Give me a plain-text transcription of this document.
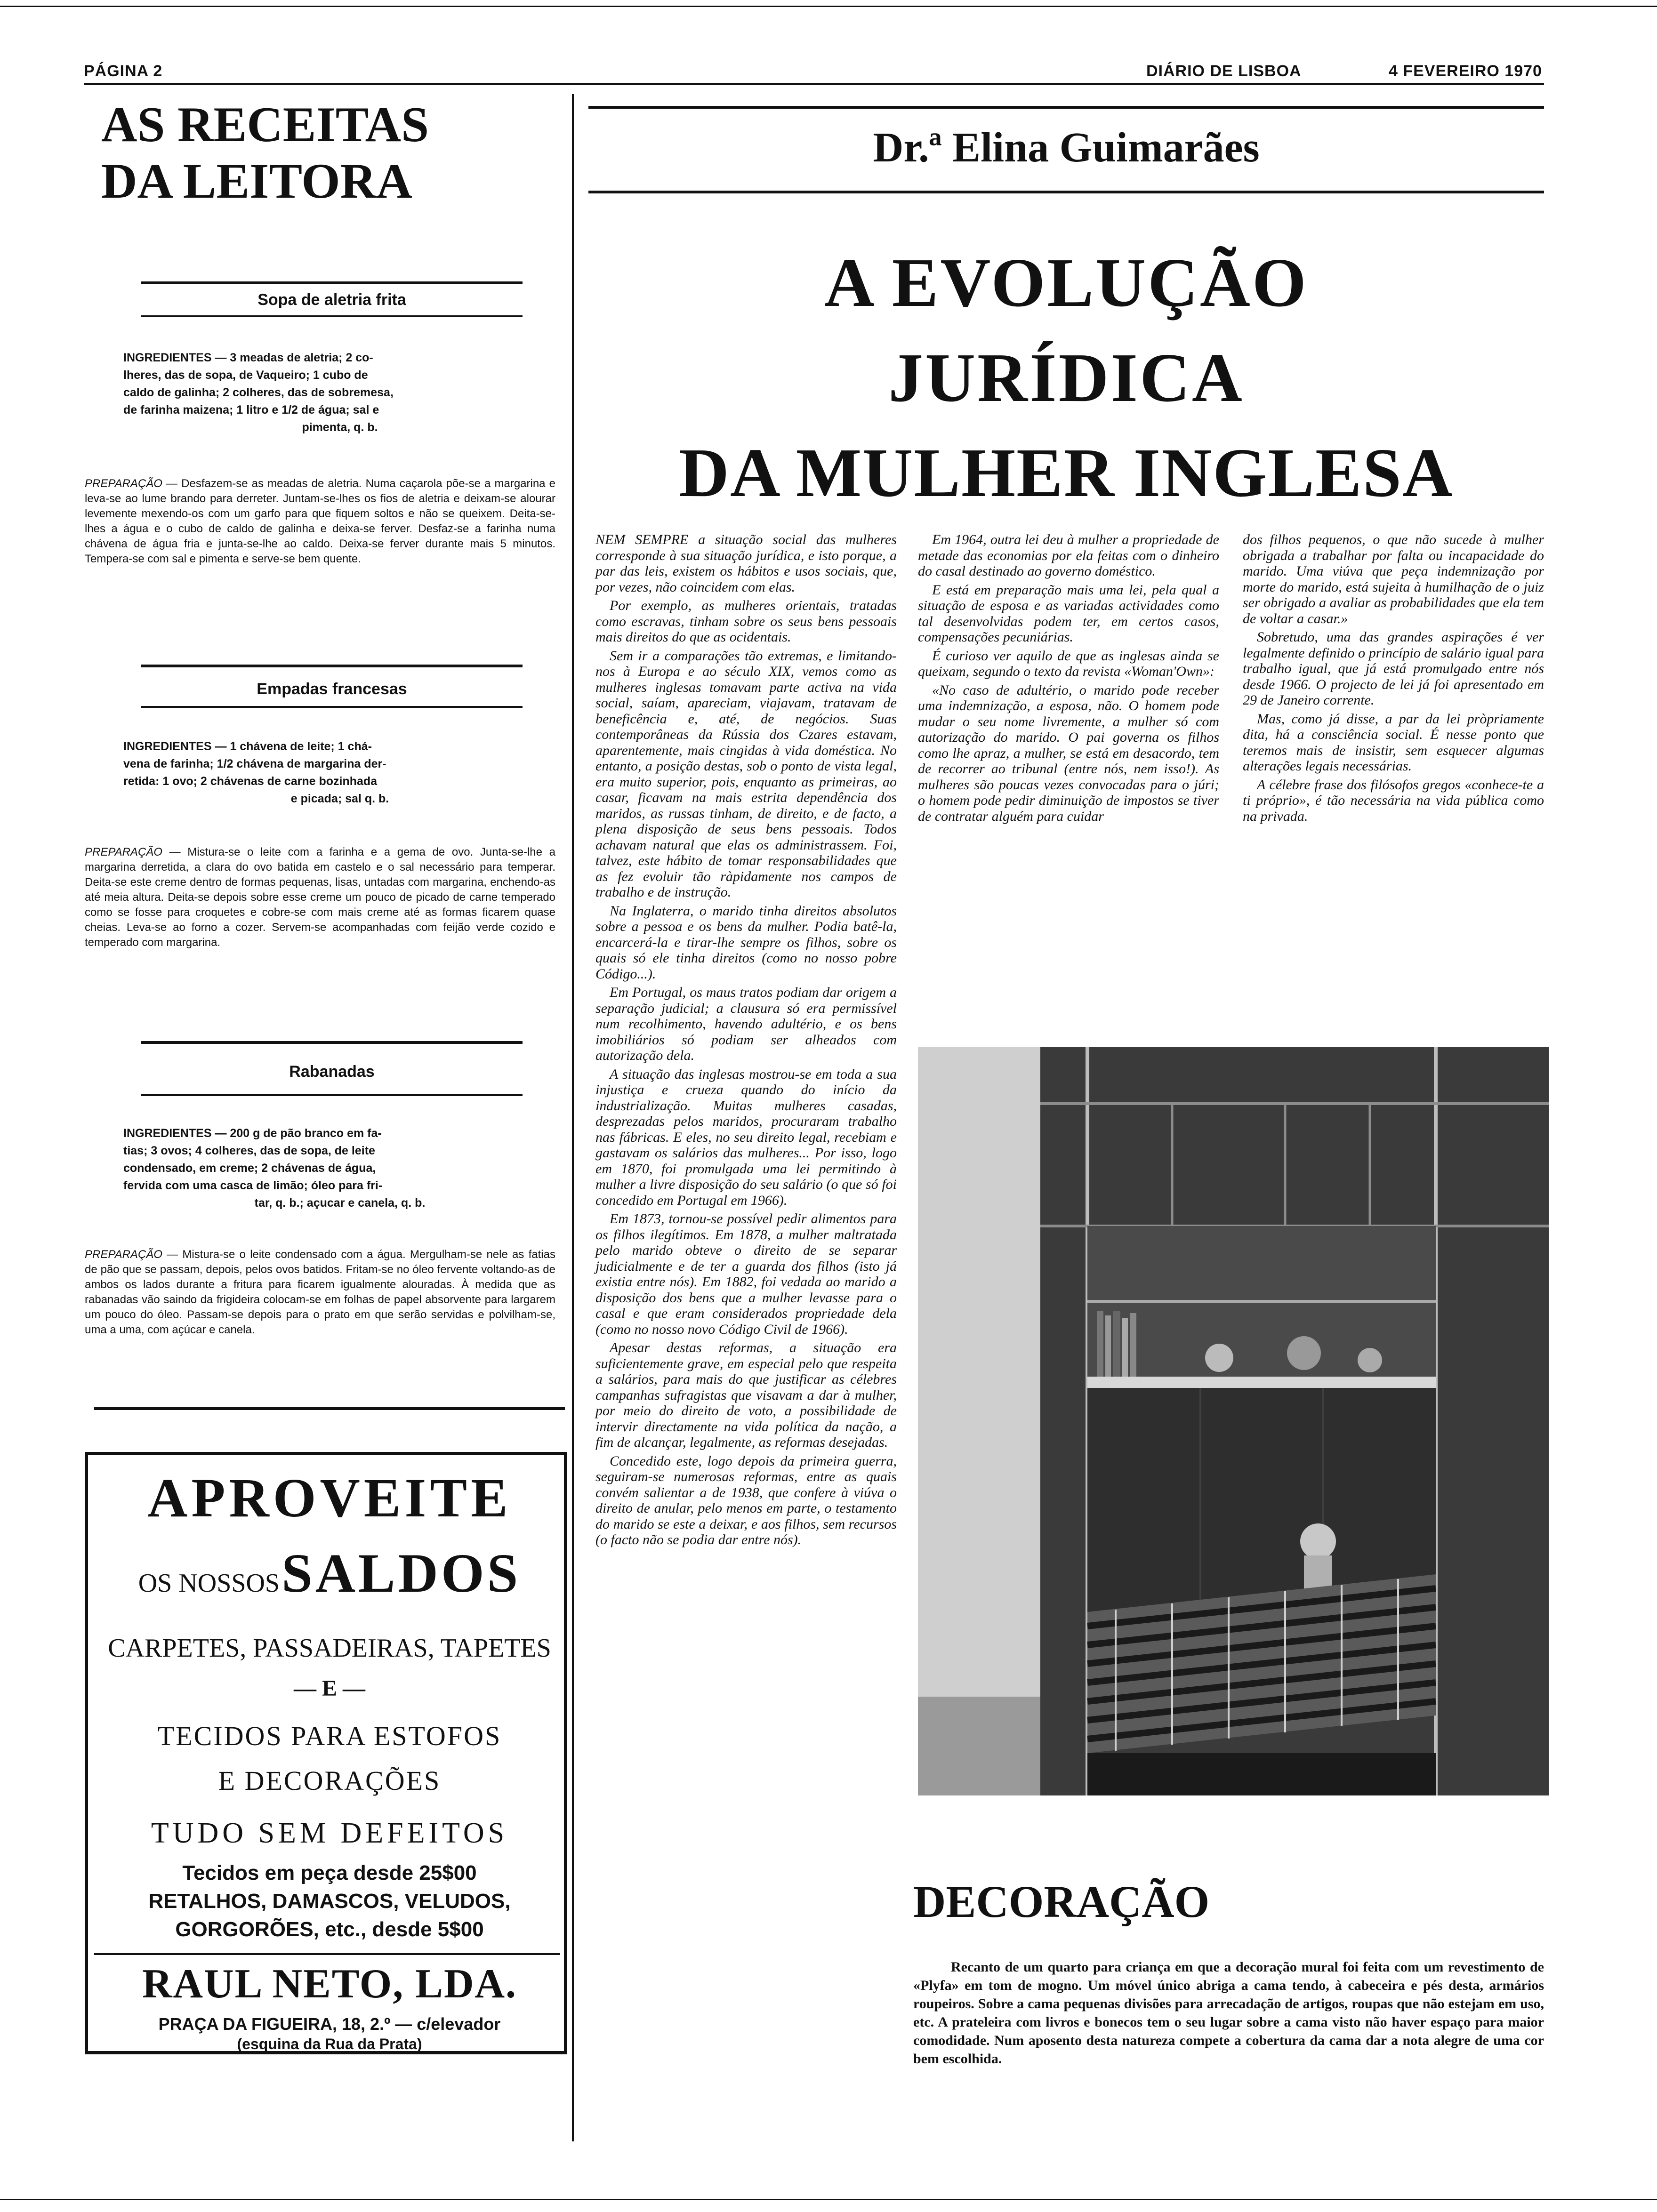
PÁGINA 2	DIÁRIO DE LISBOA	4 FEVEREIRO 1970
AS RECEITAS
DA LEITORA
Sopa de aletria frita
INGREDIENTES — 3 meadas de aletria; 2 co-
lheres, das de sopa, de Vaqueiro; 1 cubo de
caldo de galinha; 2 colheres, das de sobremesa,
de farinha maizena; 1 litro e 1/2 de água; sal e
pimenta, q. b.
PREPARAÇÃO — Desfazem-se as meadas de aletria. Numa caçarola põe-se a margarina e leva-se ao lume brando para derreter. Juntam-se-lhes os fios de aletria e deixam-se alourar levemente mexendo-os com um garfo para que fiquem soltos e não se queixem. Deita-se-lhes a água e o cubo de caldo de galinha e deixa-se ferver. Desfaz-se a farinha numa chávena de água fria e junta-se-lhe ao caldo. Deixa-se ferver durante mais 5 minutos. Tempera-se com sal e pimenta e serve-se bem quente.
Empadas francesas
INGREDIENTES — 1 chávena de leite; 1 chá-
vena de farinha; 1/2 chávena de margarina der-
retida: 1 ovo; 2 chávenas de carne bozinhada
e picada; sal q. b.
PREPARAÇÃO — Mistura-se o leite com a farinha e a gema de ovo. Junta-se-lhe a margarina derretida, a clara do ovo batida em castelo e o sal necessário para temperar. Deita-se este creme dentro de formas pequenas, lisas, untadas com margarina, enchendo-as até meia altura. Deita-se depois sobre esse creme um pouco de picado de carne temperado como se fosse para croquetes e cobre-se com mais creme até as formas ficarem quase cheias. Leva-se ao forno a cozer. Servem-se acompanhadas com feijão verde cozido e temperado com margarina.
Rabanadas
INGREDIENTES — 200 g de pão branco em fa-
tias; 3 ovos; 4 colheres, das de sopa, de leite
condensado, em creme; 2 chávenas de água,
fervida com uma casca de limão; óleo para fri-
tar, q. b.; açucar e canela, q. b.
PREPARAÇÃO — Mistura-se o leite condensado com a água. Mergulham-se nele as fatias de pão que se passam, depois, pelos ovos batidos. Fritam-se no óleo fervente voltando-as de ambos os lados durante a fritura para ficarem igualmente alouradas. À medida que as rabanadas vão saindo da frigideira colocam-se em folhas de papel absorvente para largarem um pouco do óleo. Passam-se depois para o prato em que serão servidas e polvilham-se, uma a uma, com açúcar e canela.
APROVEITE
OS NOSSOS SALDOS
CARPETES, PASSADEIRAS, TAPETES
— E —
TECIDOS PARA ESTOFOS
E DECORAÇÕES
TUDO SEM DEFEITOS
Tecidos em peça desde 25$00
RETALHOS, DAMASCOS, VELUDOS,
GORGORÕES, etc., desde 5$00
RAUL NETO, LDA.
PRAÇA DA FIGUEIRA, 18, 2.º — c/elevador
(esquina da Rua da Prata)
Dr.ª Elina Guimarães
A EVOLUÇÃO
JURÍDICA
DA MULHER INGLESA

NEM SEMPRE a situação social das mulheres corresponde à sua situação jurídica, e isto porque, a par das leis, existem os hábitos e usos sociais, que, por vezes, não coincidem com elas.

Por exemplo, as mulheres orientais, tratadas como escravas, tinham sobre os seus bens pessoais mais direitos do que as ocidentais.

Sem ir a comparações tão extremas, e limitando-nos à Europa e ao século XIX, vemos como as mulheres inglesas tomavam parte activa na vida social, saíam, apareciam, viajavam, tratavam de beneficência e, até, de negócios. Suas contemporâneas da Rússia dos Czares estavam, aparentemente, mais cingidas à vida doméstica. No entanto, a posição destas, sob o ponto de vista legal, era muito superior, pois, enquanto as primeiras, ao casar, ficavam na mais estrita dependência dos maridos, as russas tinham, de direito, e de facto, a plena disposição de seus bens pessoais. Todos achavam natural que elas os administrassem. Foi, talvez, este hábito de tomar responsabilidades que as fez evoluir tão ràpidamente nos campos de trabalho e de instrução.

Na Inglaterra, o marido tinha direitos absolutos sobre a pessoa e os bens da mulher. Podia batê-la, encarcerá-la e tirar-lhe sempre os filhos, sobre os quais só ele tinha direitos (como no nosso pobre Código...).

Em Portugal, os maus tratos podiam dar origem a separação judicial; a clausura só era permissível num recolhimento, havendo adultério, e os bens imobiliários só podiam ser alheados com autorização dela.

A situação das inglesas mostrou-se em toda a sua injustiça e crueza quando do início da industrialização. Muitas mulheres casadas, desprezadas pelos maridos, procuraram trabalho nas fábricas. E eles, no seu direito legal, recebiam e gastavam os salários das mulheres... Por isso, logo em 1870, foi promulgada uma lei permitindo à mulher a livre disposição do seu salário (o que só foi concedido em Portugal em 1966).

Em 1873, tornou-se possível pedir alimentos para os filhos ilegítimos. Em 1878, a mulher maltratada pelo marido obteve o direito de se separar judicialmente e de ter a guarda dos filhos (isto já existia entre nós). Em 1882, foi vedada ao marido a disposição dos bens que a mulher levasse para o casal e que eram considerados propriedade dela (como no nosso novo Código Civil de 1966).

Apesar destas reformas, a situação era suficientemente grave, em especial pelo que respeita a salários, para mais do que justificar as célebres campanhas sufragistas que visavam a dar à mulher, por meio do direito de voto, a possibilidade de intervir directamente na vida política da nação, a fim de alcançar, legalmente, as reformas desejadas.

Concedido este, logo depois da primeira guerra, seguiram-se numerosas reformas, entre as quais convém salientar a de 1938, que confere à viúva o direito de anular, pelo menos em parte, o testamento do marido se este a deixar, e aos filhos, sem recursos (o facto não se podia dar entre nós).

Em 1964, outra lei deu à mulher a propriedade de metade das economias por ela feitas com o dinheiro do casal destinado ao governo doméstico.

E está em preparação mais uma lei, pela qual a situação de esposa e as variadas actividades como tal desenvolvidas podem ter, em certos casos, compensações pecuniárias.

É curioso ver aquilo de que as inglesas ainda se queixam, segundo o texto da revista «Woman'Own»:

«No caso de adultério, o marido pode receber uma indemnização, a esposa, não. O homem pode mudar o seu nome livremente, a mulher só com autorização do marido. O pai governa os filhos como lhe apraz, a mulher, se está em desacordo, tem de recorrer ao tribunal (entre nós, nem isso!). As mulheres são poucas vezes convocadas para o júri; o homem pode pedir diminuição de impostos se tiver de contratar alguém para cuidar

dos filhos pequenos, o que não sucede à mulher obrigada a trabalhar por falta ou incapacidade do marido. Uma viúva que peça indemnização por morte do marido, está sujeita à humilhação de o juiz ser obrigado a avaliar as probabilidades que ela tem de voltar a casar.»

Sobretudo, uma das grandes aspirações é ver legalmente definido o princípio de salário igual para trabalho igual, que já está promulgado entre nós desde 1966. O projecto de lei já foi apresentado em 29 de Janeiro corrente.

Mas, como já disse, a par da lei pròpriamente dita, há a consciência social. É nesse ponto que teremos mais de insistir, sem esquecer algumas alterações legais necessárias.

A célebre frase dos filósofos gregos «conhece-te a ti próprio», é tão necessária na vida pública como na privada.

DECORAÇÃO
Recanto de um quarto para criança em que a decoração mural foi feita com um revestimento de «Plyfa» em tom de mogno. Um móvel único abriga a cama tendo, à cabeceira e pés desta, armários roupeiros. Sobre a cama pequenas divisões para arrecadação de artigos, roupas que não estejam em uso, etc. A prateleira com livros e bonecos tem o seu lugar sobre a cama visto não haver espaço para maior comodidade. Num aposento desta natureza compete a cobertura da cama dar a nota alegre de uma cor bem escolhida.
